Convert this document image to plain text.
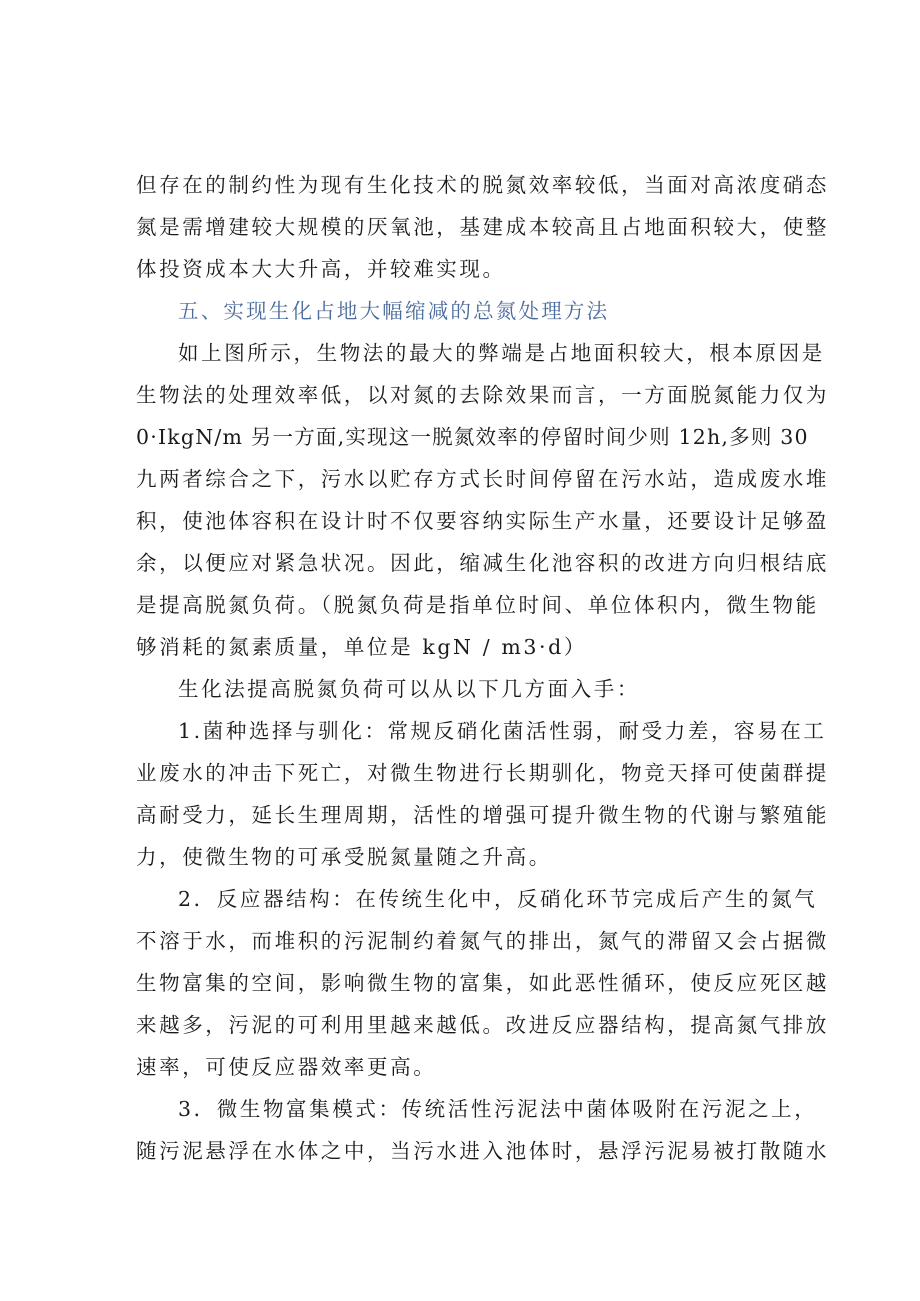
但存在的制约性为现有生化技术的脱氮效率较低，当面对高浓度硝态
氮是需增建较大规模的厌氧池，基建成本较高且占地面积较大，使整
体投资成本大大升高，并较难实现。
五、实现生化占地大幅缩减的总氮处理方法
如上图所示，生物法的最大的弊端是占地面积较大，根本原因是
生物法的处理效率低，以对氮的去除效果而言，一方面脱氮能力仅为
0·IkgN/m 另一方面,实现这一脱氮效率的停留时间少则 12h,多则 30
九两者综合之下，污水以贮存方式长时间停留在污水站，造成废水堆
积，使池体容积在设计时不仅要容纳实际生产水量，还要设计足够盈
余，以便应对紧急状况。因此，缩减生化池容积的改进方向归根结底
是提高脱氮负荷。（脱氮负荷是指单位时间、单位体积内，微生物能
够消耗的氮素质量，单位是 kgN / m3·d）
生化法提高脱氮负荷可以从以下几方面入手：
1.菌种选择与驯化：常规反硝化菌活性弱，耐受力差，容易在工
业废水的冲击下死亡，对微生物进行长期驯化，物竞天择可使菌群提
高耐受力，延长生理周期，活性的增强可提升微生物的代谢与繁殖能
力，使微生物的可承受脱氮量随之升高。
2．反应器结构：在传统生化中，反硝化环节完成后产生的氮气
不溶于水，而堆积的污泥制约着氮气的排出，氮气的滞留又会占据微
生物富集的空间，影响微生物的富集，如此恶性循环，使反应死区越
来越多，污泥的可利用里越来越低。改进反应器结构，提高氮气排放
速率，可使反应器效率更高。
3．微生物富集模式：传统活性污泥法中菌体吸附在污泥之上，
随污泥悬浮在水体之中，当污水进入池体时，悬浮污泥易被打散随水
